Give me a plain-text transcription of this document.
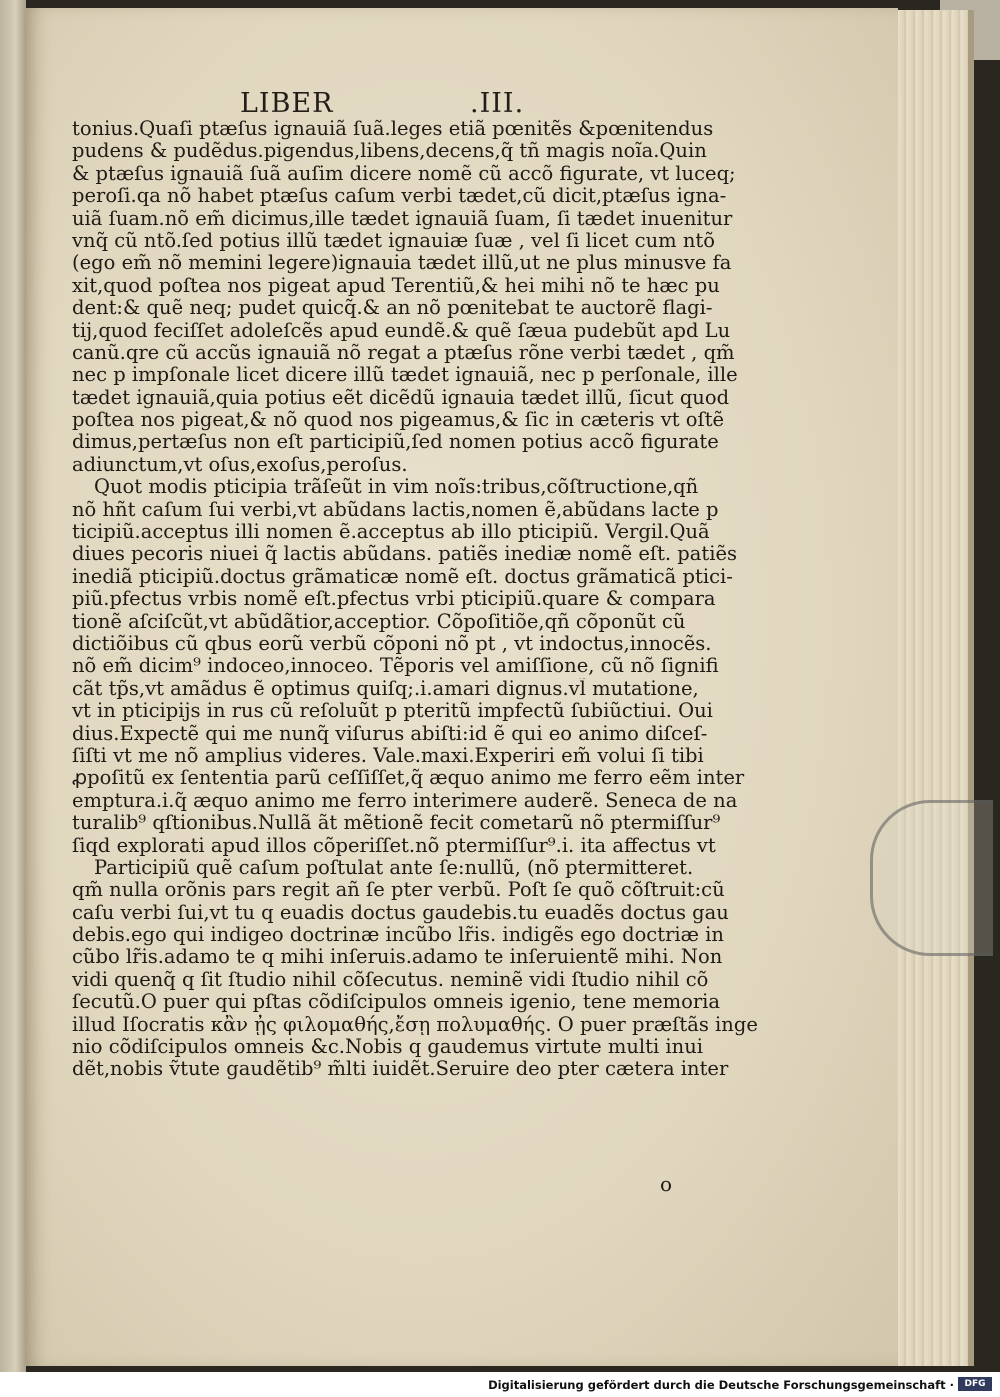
LIBER	.III.
tonius.Quaſi ptæſus ignauiã ſuã.leges etiã pœnitẽs &pœnitendus
pudens & pudẽdus.pigendus,libens,decens,q̃ tñ magis noĩa.Quin
& ptæſus ignauiã ſuã auſim dicere nomẽ cũ accõ figurate, vt luceq;
peroſi.qa nõ habet ptæſus caſum verbi tædet,cũ dicit,ptæſus igna-
uiã ſuam.nõ em̃ dicimus,ille tædet ignauiã ſuam, ſi tædet inuenitur
vnq̃ cũ ntõ.ſed potius illũ tædet ignauiæ ſuæ , vel ſi licet cum ntõ
(ego em̃ nõ memini legere)ignauia tædet illũ,ut ne plus minusve fa
xit,quod poſtea nos pigeat apud Terentiũ,& hei mihi nõ te hæc pu
dent:& quẽ neq; pudet quicq̃.& an nõ pœnitebat te auctorẽ flagi-
tij,quod feciſſet adoleſcẽs apud eundẽ.& quẽ ſæua pudebũt apd Lu
canũ.qre cũ accũs ignauiã nõ regat a ptæſus rõne verbi tædet , qm̃
nec p impſonale licet dicere illũ tædet ignauiã, nec p perſonale, ille
tædet ignauiã,quia potius eẽt dicẽdũ ignauia tædet illũ, ſicut quod
poſtea nos pigeat,& nõ quod nos pigeamus,& ſic in cæteris vt oſtẽ
dimus,pertæſus non eſt participiũ,ſed nomen potius accõ figurate
adiunctum,vt oſus,exoſus,peroſus.
Quot modis pticipia trãſeũt in vim noĩs:tribus,cõſtructione,qñ
nõ hñt caſum ſui verbi,vt abũdans lactis,nomen ẽ,abũdans lacte p
ticipiũ.acceptus illi nomen ẽ.acceptus ab illo pticipiũ. Vergil.Quã
diues pecoris niuei q̃ lactis abũdans. patiẽs inediæ nomẽ eſt. patiẽs
inediã pticipiũ.doctus grãmaticæ nomẽ eſt. doctus grãmaticã ptici-
piũ.pfectus vrbis nomẽ eſt.pfectus vrbi pticipiũ.quare & compara
tionẽ aſciſcũt,vt abũdãtior,acceptior. Cõpoſitiõe,qñ cõponũt cũ
dictiõibus cũ qbus eorũ verbũ cõponi nõ pt , vt indoctus,innocẽs.
nõ em̃ dicim⁹ indoceo,innoceo. Tẽporis vel amiſſione, cũ nõ ſignifi
cãt tp̃s,vt amãdus ẽ optimus quiſq;.i.amari dignus.vl̃ mutatione,
vt in pticipijs in rus cũ reſoluũt p pteritũ impfectũ ſubiũctiui. Oui
dius.Expectẽ qui me nunq̃ viſurus abiſti:id ẽ qui eo animo diſceſ-
ſiſti vt me nõ amplius videres. Vale.maxi.Experiri em̃ volui ſi tibi
ꝓpoſitũ ex ſententia parũ ceſſiſſet,q̃ æquo animo me ferro eẽm inter
emptura.i.q̃ æquo animo me ferro interimere auderẽ. Seneca de na
turalib⁹ qſtionibus.Nullã ãt mẽtionẽ fecit cometarũ nõ ptermiſſur⁹
ſiqd explorati apud illos cõperiſſet.nõ ptermiſſur⁹.i. ita affectus vt
Participiũ quẽ caſum poſtulat ante ſe:nullũ, (nõ ptermitteret.
qm̃ nulla orõnis pars regit añ ſe pter verbũ. Poſt ſe quõ cõſtruit:cũ
caſu verbi ſui,vt tu q euadis doctus gaudebis.tu euadẽs doctus gau
debis.ego qui indigeo doctrinæ incũbo lr̃is. indigẽs ego doctriæ in
cũbo lr̃is.adamo te q mihi inſeruis.adamo te inſeruientẽ mihi. Non
vidi quenq̃ q ſit ſtudio nihil cõſecutus. neminẽ vidi ſtudio nihil cõ
ſecutũ.O puer qui pſtas cõdiſcipulos omneis igenio, tene memoria
illud Iſocratis κἂν ᾖς φιλομαθής,ἔσῃ πολυμαθής. O puer præſtãs inge
nio cõdiſcipulos omneis &c.Nobis q gaudemus virtute multi inui
dẽt,nobis ṽtute gaudẽtib⁹ m̃lti iuidẽt.Seruire deo pter cætera inter
o
Digitalisierung gefördert durch die Deutsche Forschungsgemeinschaft ·	DFG
